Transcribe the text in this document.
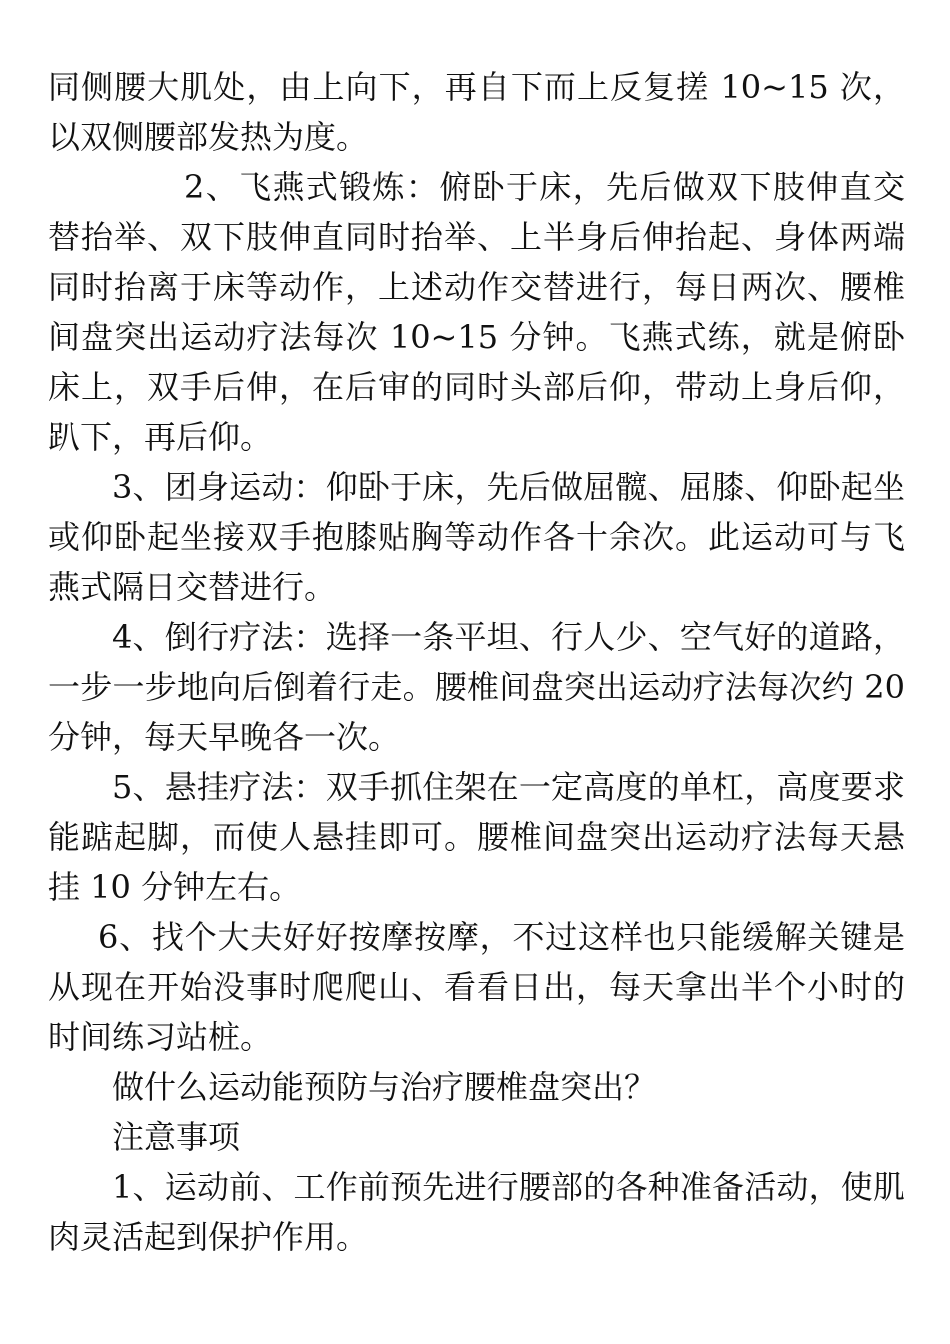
同侧腰大肌处，由上向下，再自下而上反复搓 10~15 次，以双侧腰部发热为度。

2、飞燕式锻炼：俯卧于床，先后做双下肢伸直交替抬举、双下肢伸直同时抬举、上半身后伸抬起、身体两端同时抬离于床等动作，上述动作交替进行，每日两次、腰椎间盘突出运动疗法每次 10~15 分钟。飞燕式练，就是俯卧床上，双手后伸，在后审的同时头部后仰，带动上身后仰，趴下，再后仰。

3、团身运动：仰卧于床，先后做屈髋、屈膝、仰卧起坐或仰卧起坐接双手抱膝贴胸等动作各十余次。此运动可与飞燕式隔日交替进行。

4、倒行疗法：选择一条平坦、行人少、空气好的道路，一步一步地向后倒着行走。腰椎间盘突出运动疗法每次约 20 分钟，每天早晚各一次。

5、悬挂疗法：双手抓住架在一定高度的单杠，高度要求能踮起脚，而使人悬挂即可。腰椎间盘突出运动疗法每天悬挂 10 分钟左右。

6、找个大夫好好按摩按摩，不过这样也只能缓解关键是从现在开始没事时爬爬山、看看日出，每天拿出半个小时的时间练习站桩。

做什么运动能预防与治疗腰椎盘突出？

注意事项

1、运动前、工作前预先进行腰部的各种准备活动，使肌肉灵活起到保护作用。
